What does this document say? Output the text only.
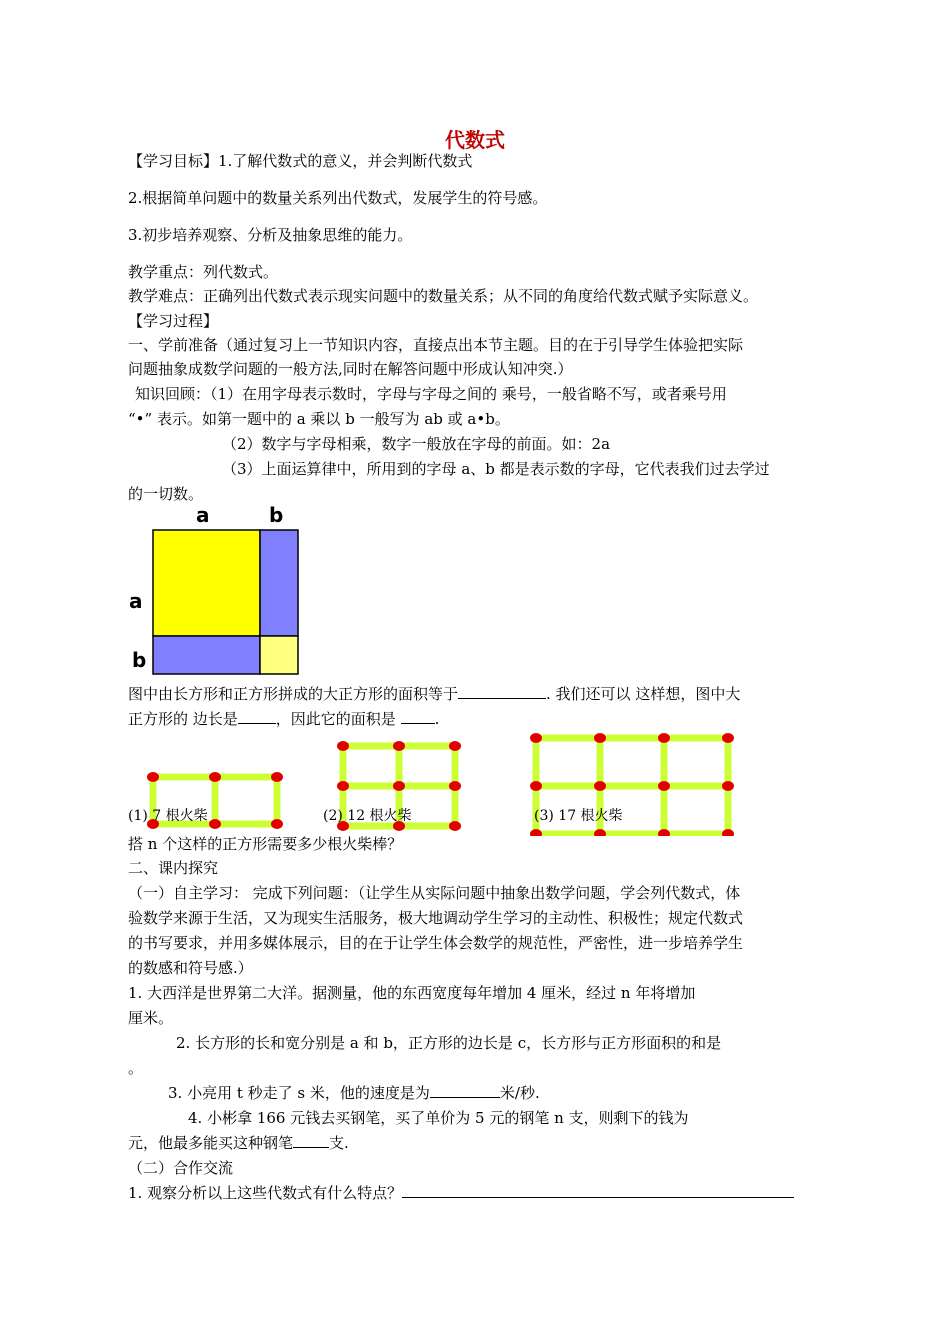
代数式
【学习目标】1.了解代数式的意义，并会判断代数式
2.根据简单问题中的数量关系列出代数式，发展学生的符号感。
3.初步培养观察、分析及抽象思维的能力。
教学重点：列代数式。
教学难点：正确列出代数式表示现实问题中的数量关系；从不同的角度给代数式赋予实际意义。
【学习过程】
一、学前准备（通过复习上一节知识内容，直接点出本节主题。目的在于引导学生体验把实际
问题抽象成数学问题的一般方法,同时在解答问题中形成认知冲突.）
知识回顾：（1）在用字母表示数时，字母与字母之间的 乘号，一般省略不写，或者乘号用
“•” 表示。如第一题中的 a 乘以 b 一般写为 ab 或 a•b。
（2）数字与字母相乘，数字一般放在字母的前面。如：2a
（3）上面运算律中，所用到的字母 a、b 都是表示数的字母，它代表我们过去学过
的一切数。
a	b
a
b
图中由长方形和正方形拼成的大正方形的面积等于	. 我们还可以 这样想，图中大
正方形的 边长是	，因此它的面积是 .
(1) 7 根火柴	(2) 12 根火柴	(3) 17 根火柴
搭 n 个这样的正方形需要多少根火柴棒？
二、课内探究
（一）自主学习： 完成下列问题：（让学生从实际问题中抽象出数学问题，学会列代数式，体
验数学来源于生活，又为现实生活服务，极大地调动学生学习的主动性、积极性；规定代数式
的书写要求，并用多媒体展示，目的在于让学生体会数学的规范性，严密性，进一步培养学生
的数感和符号感.）
1. 大西洋是世界第二大洋。据测量，他的东西宽度每年增加 4 厘米，经过 n 年将增加
厘米。
2. 长方形的长和宽分别是 a 和 b，正方形的边长是 c，长方形与正方形面积的和是
。
3. 小亮用 t 秒走了 s 米，他的速度是为	米/秒.
4. 小彬拿 166 元钱去买钢笔，买了单价为 5 元的钢笔 n 支，则剩下的钱为
元，他最多能买这种钢笔 支.
（二）合作交流
1. 观察分析以上这些代数式有什么特点？
